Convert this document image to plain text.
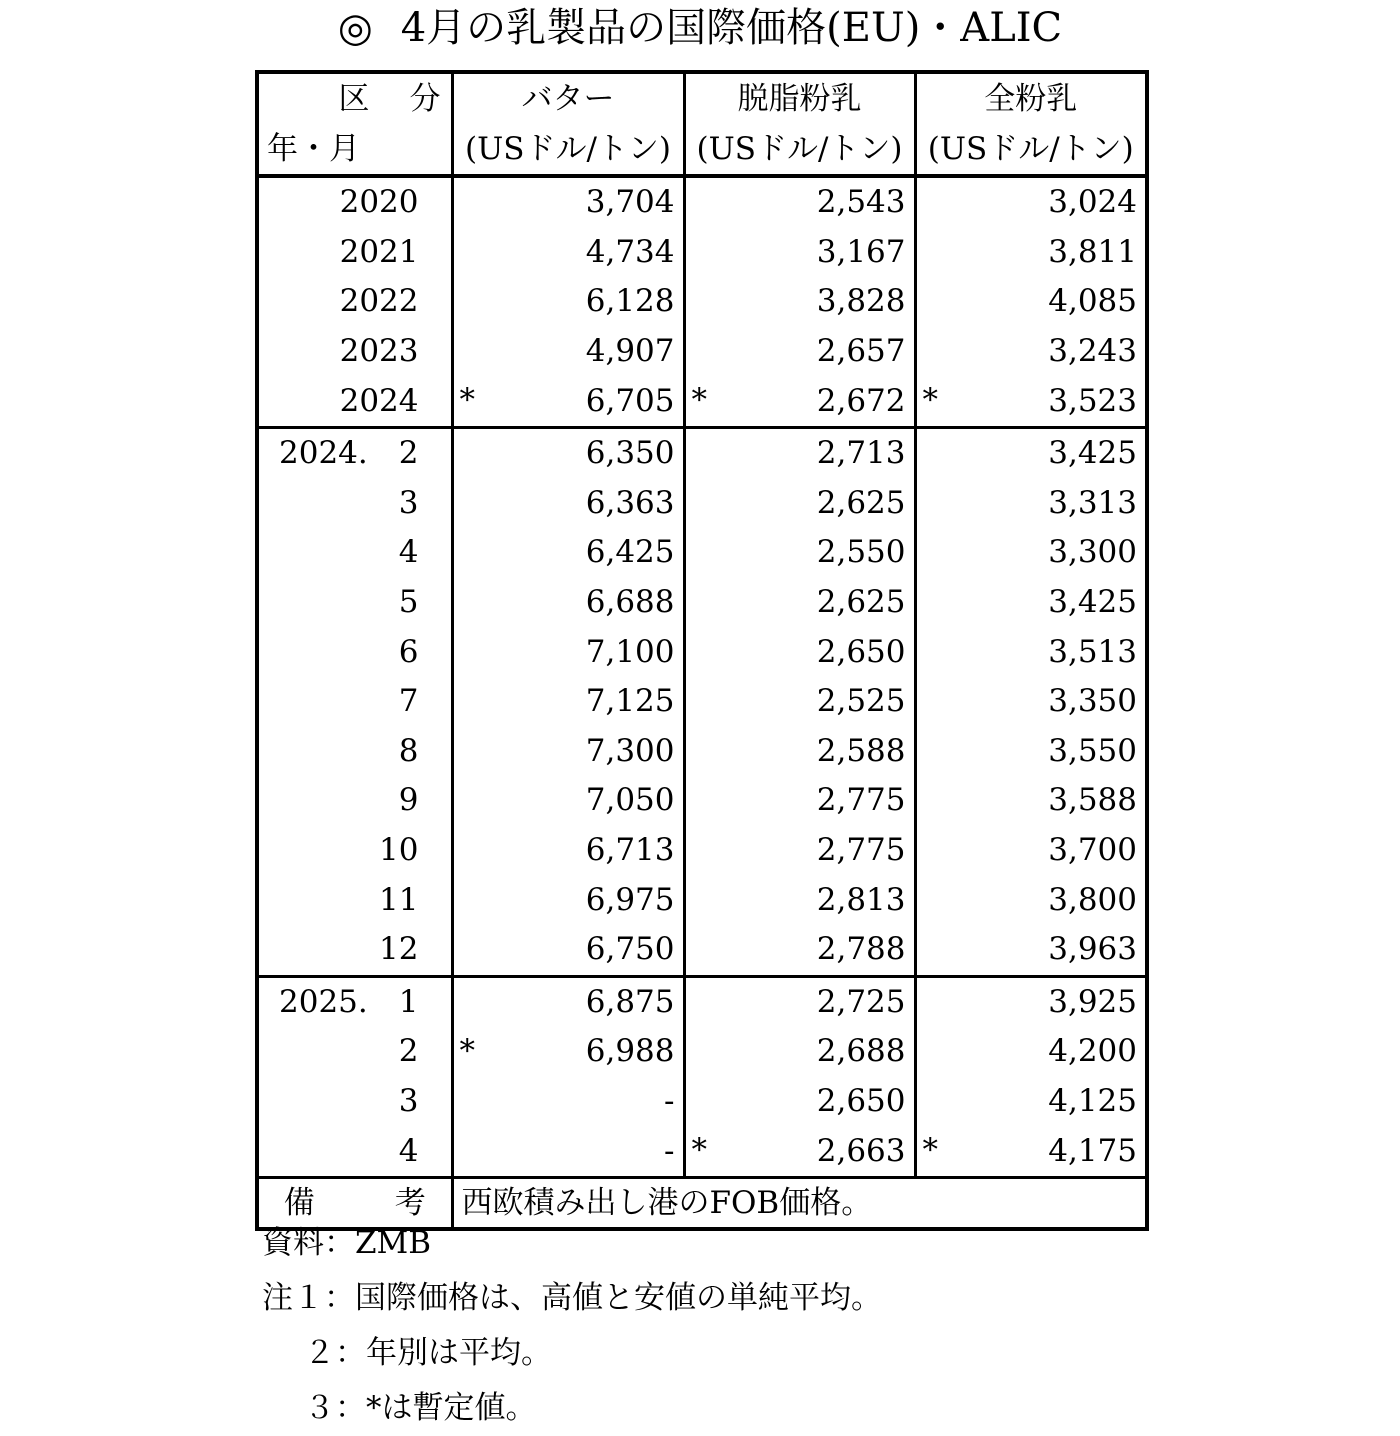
◎ 4月の乳製品の国際価格(EU)・ALIC
区 分	バター	脱脂粉乳	全粉乳
年・月	(USドル/トン)	(USドル/トン)	(USドル/トン)
2020	3,704	2,543	3,024
2021	4,734	3,167	3,811
2022	6,128	3,828	4,085
2023	4,907	2,657	3,243
2024	* 6,705	* 2,672	* 3,523
2024.　2	6,350	2,713	3,425
3	6,363	2,625	3,313
4	6,425	2,550	3,300
5	6,688	2,625	3,425
6	7,100	2,650	3,513
7	7,125	2,525	3,350
8	7,300	2,588	3,550
9	7,050	2,775	3,588
10	6,713	2,775	3,700
11	6,975	2,813	3,800
12	6,750	2,788	3,963
2025.　1	6,875	2,725	3,925
2	* 6,988	2,688	4,200
3	-	2,650	4,125
4	-	* 2,663	* 4,175
備 考	西欧積み出し港のFOB価格。		
資料：ZMB
注１：国際価格は、高値と安値の単純平均。
２：年別は平均。
３：*は暫定値。
